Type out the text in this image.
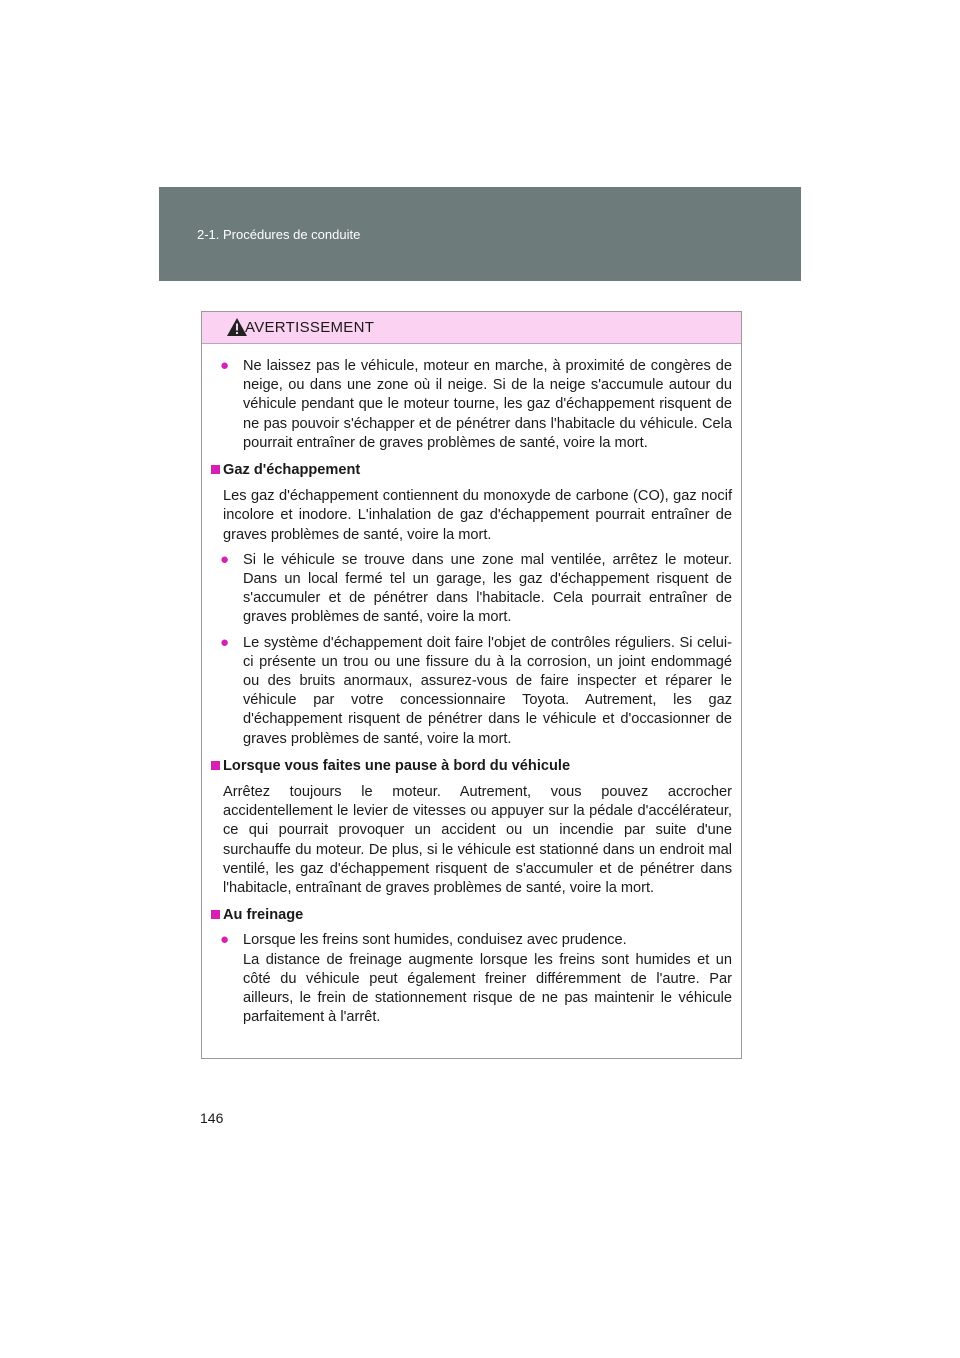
2-1. Procédures de conduite
AVERTISSEMENT
● Ne laissez pas le véhicule, moteur en marche, à proximité de congères de neige, ou dans une zone où il neige. Si de la neige s'accumule autour du véhicule pendant que le moteur tourne, les gaz d'échappement risquent de ne pas pouvoir s'échapper et de pénétrer dans l'habitacle du véhicule. Cela pourrait entraîner de graves problèmes de santé, voire la mort.

Gaz d'échappement

Les gaz d'échappement contiennent du monoxyde de carbone (CO), gaz nocif incolore et inodore. L'inhalation de gaz d'échappement pourrait entraîner de graves problèmes de santé, voire la mort.

● Si le véhicule se trouve dans une zone mal ventilée, arrêtez le moteur. Dans un local fermé tel un garage, les gaz d'échappement risquent de s'accumuler et de pénétrer dans l'habitacle. Cela pourrait entraîner de graves problèmes de santé, voire la mort.

● Le système d'échappement doit faire l'objet de contrôles réguliers. Si celui-ci présente un trou ou une fissure du à la corrosion, un joint endommagé ou des bruits anormaux, assurez-vous de faire inspecter et réparer le véhicule par votre concessionnaire Toyota. Autrement, les gaz d'échappement risquent de pénétrer dans le véhicule et d'occasionner de graves problèmes de santé, voire la mort.

Lorsque vous faites une pause à bord du véhicule

Arrêtez toujours le moteur. Autrement, vous pouvez accrocher accidentellement le levier de vitesses ou appuyer sur la pédale d'accélérateur, ce qui pourrait provoquer un accident ou un incendie par suite d'une surchauffe du moteur. De plus, si le véhicule est stationné dans un endroit mal ventilé, les gaz d'échappement risquent de s'accumuler et de pénétrer dans l'habitacle, entraînant de graves problèmes de santé, voire la mort.

Au freinage

● Lorsque les freins sont humides, conduisez avec prudence.

La distance de freinage augmente lorsque les freins sont humides et un côté du véhicule peut également freiner différemment de l'autre. Par ailleurs, le frein de stationnement risque de ne pas maintenir le véhicule parfaitement à l'arrêt.

146
